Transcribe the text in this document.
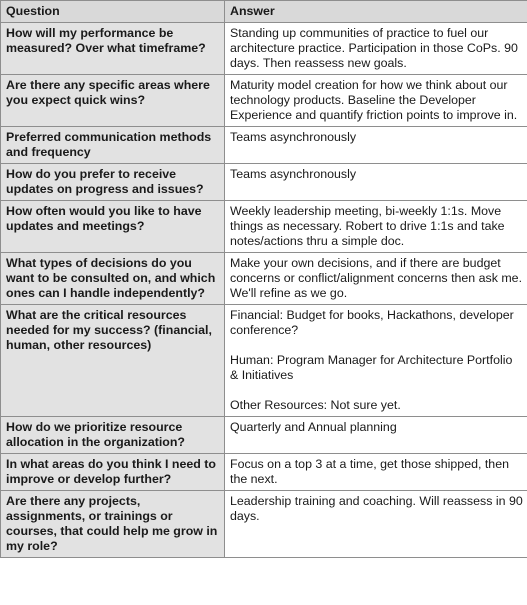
Question	Answer
How will my performance be measured? Over what timeframe?	Standing up communities of practice to fuel our architecture practice. Participation in those CoPs. 90 days. Then reassess new goals.

Are there any specific areas where you expect quick wins?	Maturity model creation for how we think about our technology products. Baseline the Developer Experience and quantify friction points to improve in.

Preferred communication methods and frequency	Teams asynchronously

How do you prefer to receive updates on progress and issues?	Teams asynchronously

How often would you like to have updates and meetings?	Weekly leadership meeting, bi-weekly 1:1s. Move things as necessary. Robert to drive 1:1s and take notes/actions thru a simple doc.

What types of decisions do you want to be consulted on, and which ones can I handle independently?	Make your own decisions, and if there are budget concerns or conflict/alignment concerns then ask me. We'll refine as we go.

What are the critical resources needed for my success? (financial, human, other resources)	Financial: Budget for books, Hackathons, developer conference?
Human: Program Manager for Architecture Portfolio & Initiatives
Other Resources: Not sure yet.

How do we prioritize resource allocation in the organization?	Quarterly and Annual planning

In what areas do you think I need to improve or develop further?	Focus on a top 3 at a time, get those shipped, then the next.

Are there any projects, assignments, or trainings or courses, that could help me grow in my role?	Leadership training and coaching. Will reassess in 90 days.
